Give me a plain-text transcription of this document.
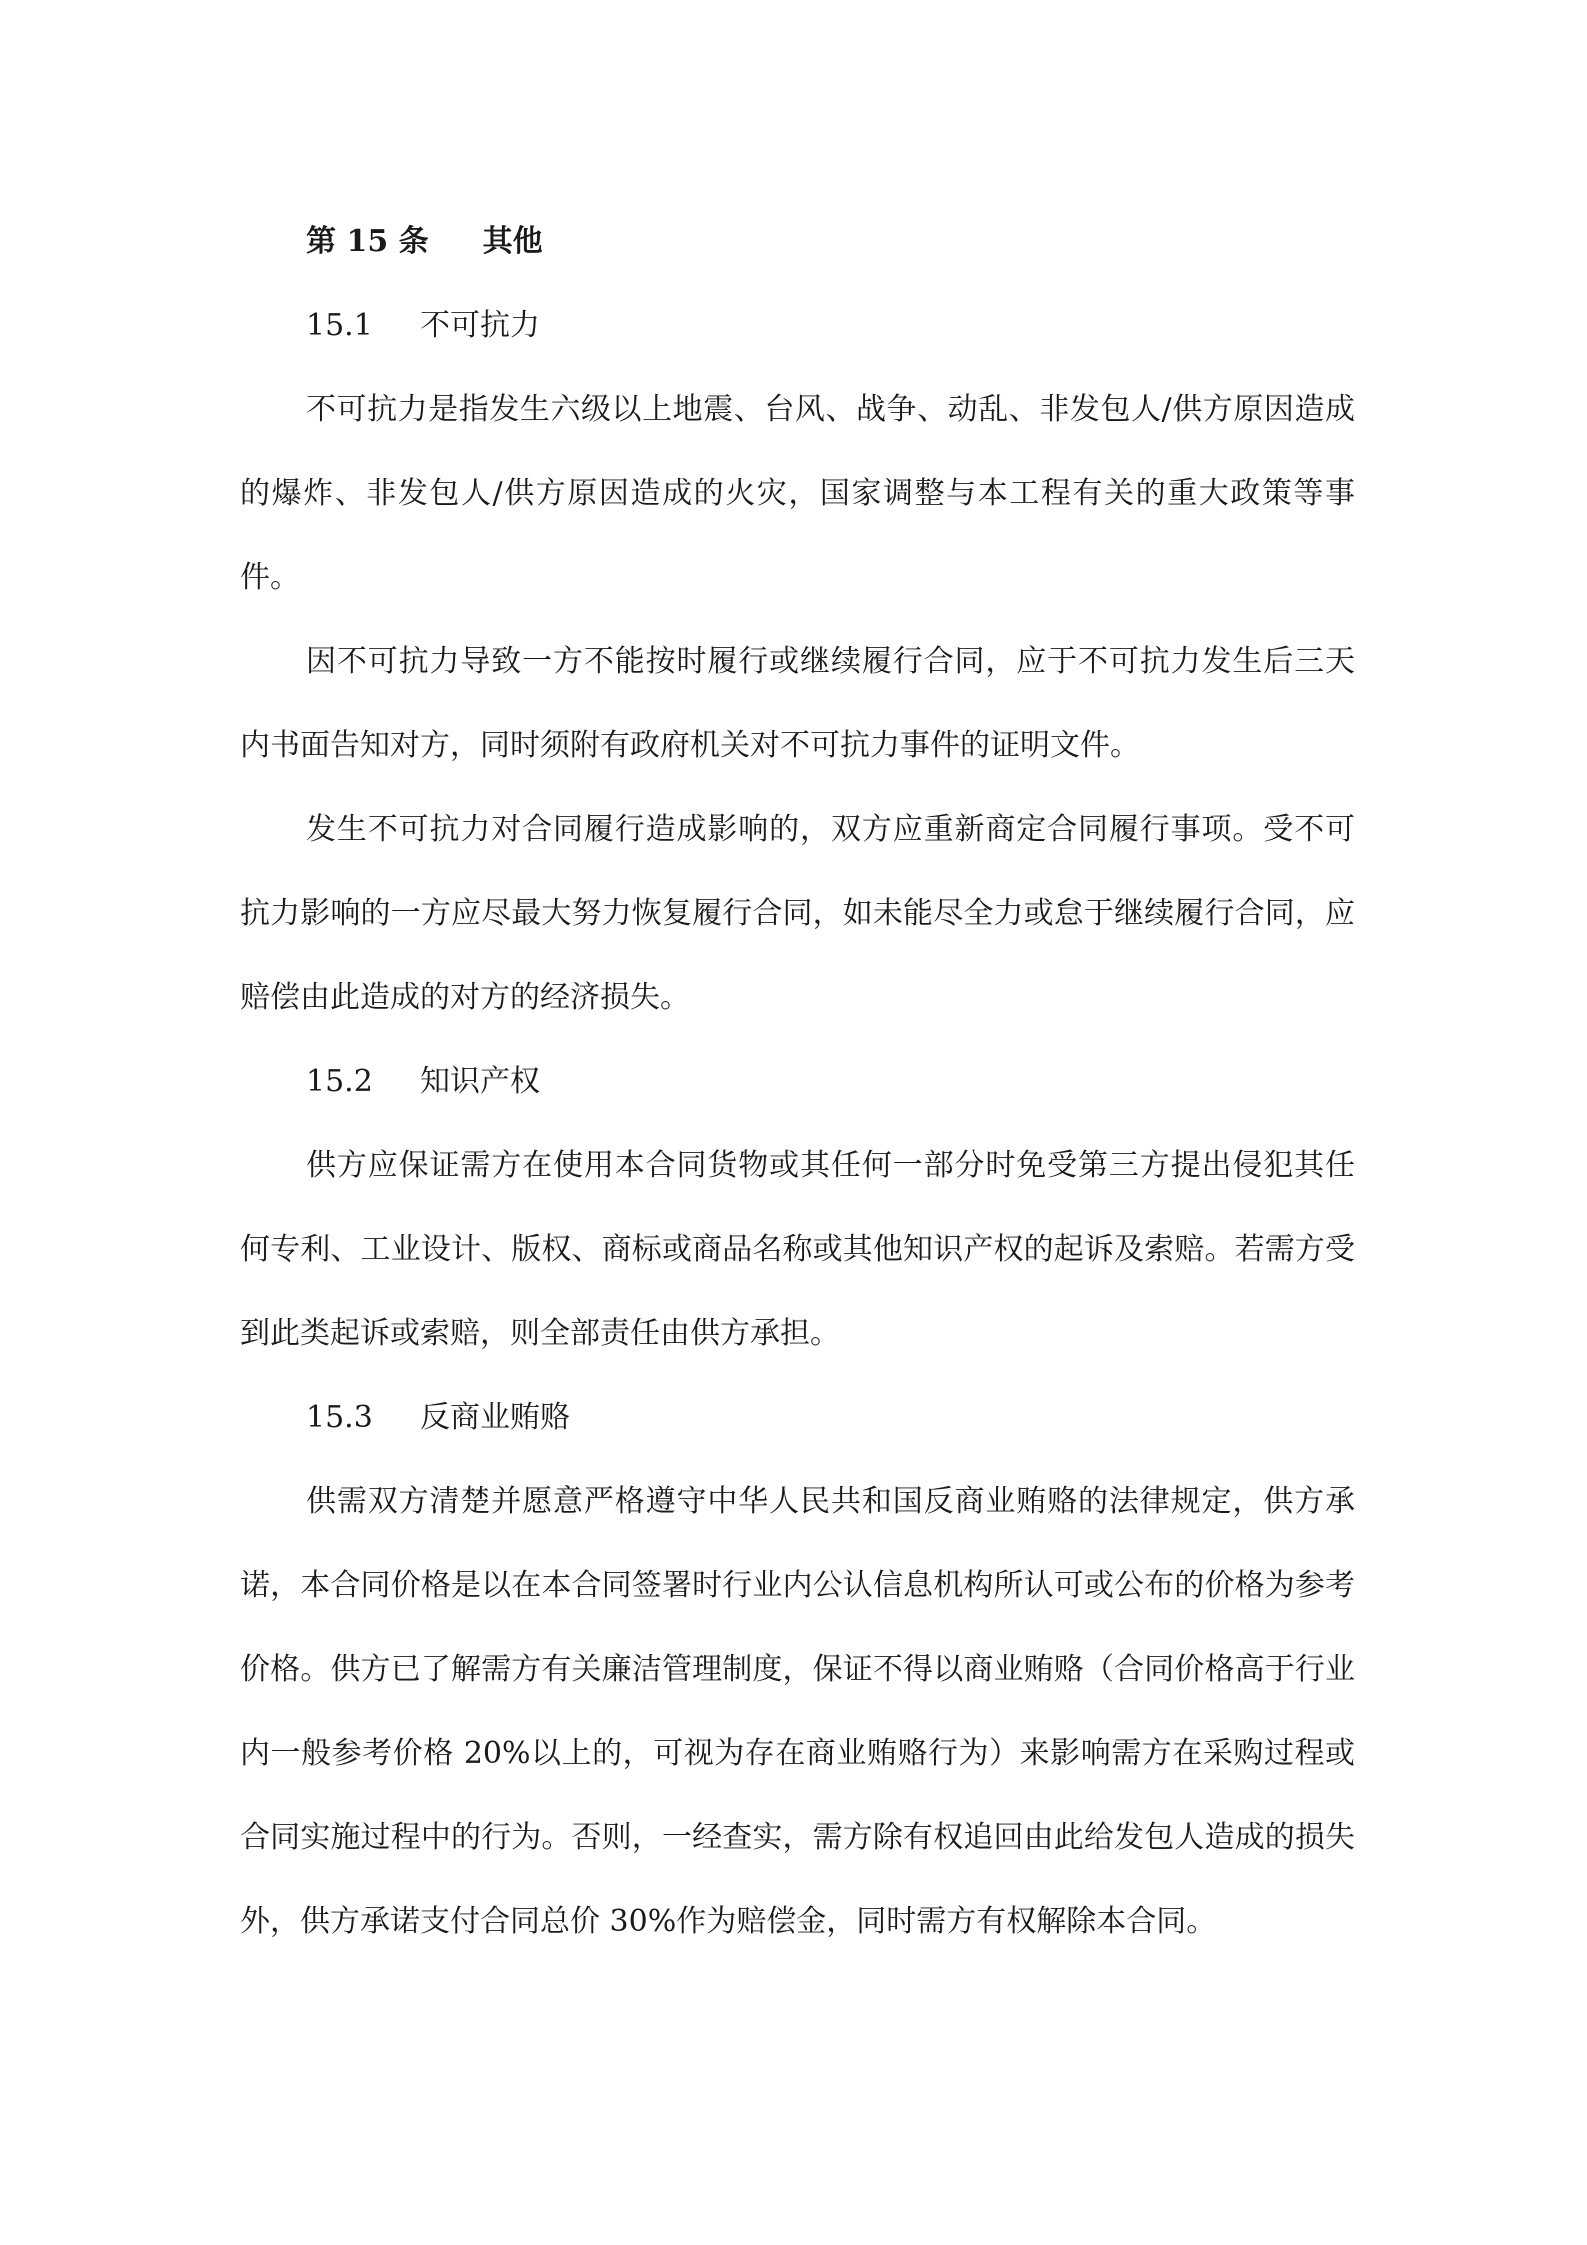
第 15 条 其他

15.1 不可抗力

不可抗力是指发生六级以上地震、台风、战争、动乱、非发包人/供方原因造成的爆炸、非发包人/供方原因造成的火灾，国家调整与本工程有关的重大政策等事件。

因不可抗力导致一方不能按时履行或继续履行合同，应于不可抗力发生后三天内书面告知对方，同时须附有政府机关对不可抗力事件的证明文件。

发生不可抗力对合同履行造成影响的，双方应重新商定合同履行事项。受不可抗力影响的一方应尽最大努力恢复履行合同，如未能尽全力或怠于继续履行合同，应赔偿由此造成的对方的经济损失。

15.2 知识产权

供方应保证需方在使用本合同货物或其任何一部分时免受第三方提出侵犯其任何专利、工业设计、版权、商标或商品名称或其他知识产权的起诉及索赔。若需方受到此类起诉或索赔，则全部责任由供方承担。

15.3 反商业贿赂

供需双方清楚并愿意严格遵守中华人民共和国反商业贿赂的法律规定，供方承诺，本合同价格是以在本合同签署时行业内公认信息机构所认可或公布的价格为参考价格。供方已了解需方有关廉洁管理制度，保证不得以商业贿赂（合同价格高于行业内一般参考价格 20%以上的，可视为存在商业贿赂行为）来影响需方在采购过程或合同实施过程中的行为。否则，一经查实，需方除有权追回由此给发包人造成的损失外，供方承诺支付合同总价 30%作为赔偿金，同时需方有权解除本合同。
